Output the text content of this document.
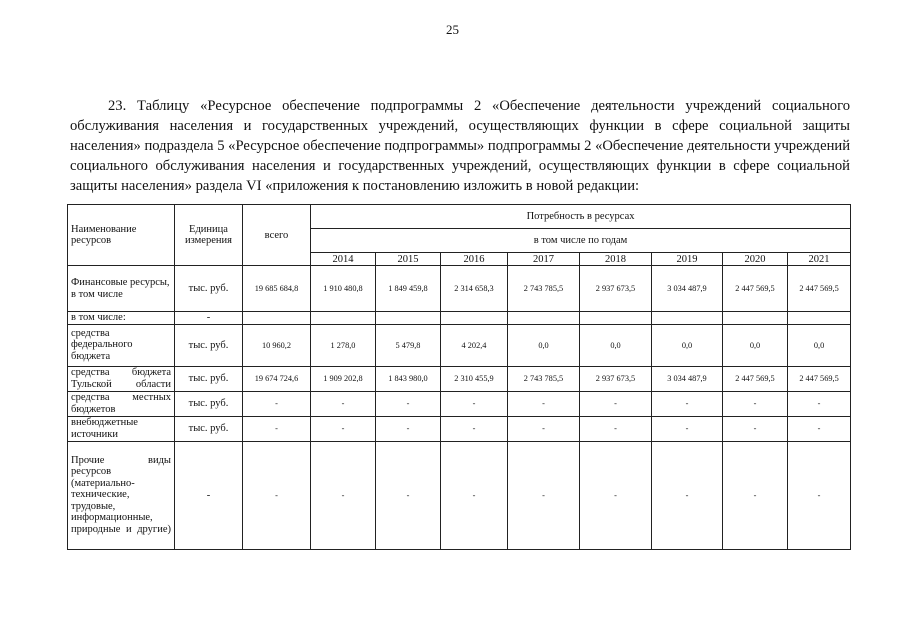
25
23. Таблицу «Ресурсное обеспечение подпрограммы 2 «Обеспечение деятельности учреждений социального обслуживания населения и государственных учреждений, осуществляющих функции в сфере социальной защиты населения» подраздела 5 «Ресурсное обеспечение подпрограммы» подпрограммы 2 «Обеспечение деятельности учреждений социального обслуживания населения и государственных учреждений, осуществляющих функции в сфере социальной защиты населения» раздела VI «приложения к постановлению изложить в новой редакции:
Наименование ресурсов	Единица измерения	всего	Потребность в ресурсах							
			в том числе по годам							
			2014	2015	2016	2017	2018	2019	2020	2021
Финансовые ресурсы, в том числе	тыс. руб.	19 685 684,8	1 910 480,8	1 849 459,8	2 314 658,3	2 743 785,5	2 937 673,5	3 034 487,9	2 447 569,5	2 447 569,5
в том числе:	-									
средства федерального бюджета	тыс. руб.	10 960,2	1 278,0	5 479,8	4 202,4	0,0	0,0	0,0	0,0	0,0
средства бюджета Тульской области	тыс. руб.	19 674 724,6	1 909 202,8	1 843 980,0	2 310 455,9	2 743 785,5	2 937 673,5	3 034 487,9	2 447 569,5	2 447 569,5
средства местных бюджетов	тыс. руб.	-	-	-	-	-	-	-	-	-
внебюджетные источники	тыс. руб.	-	-	-	-	-	-	-	-	-
Прочие виды ресурсов (материально-технические, трудовые, информационные, природные и другие)	-	-	-	-	-	-	-	-	-	-
